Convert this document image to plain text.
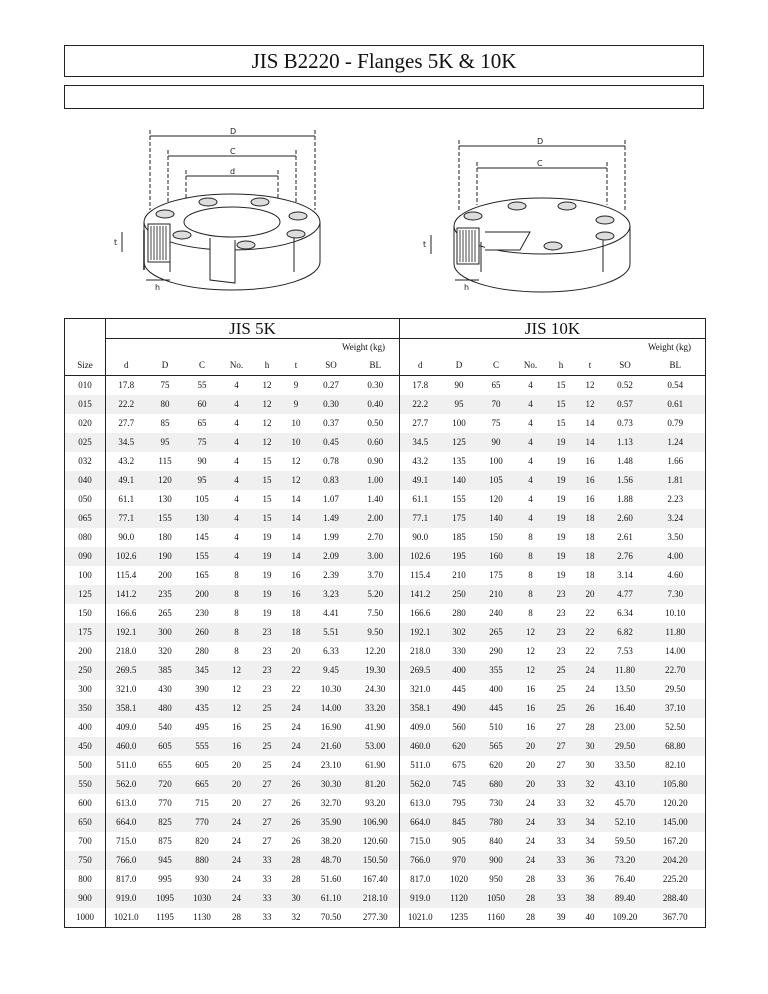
JIS B2220 - Flanges 5K & 10K
D
C
d
t
h
D
C
t
h
	JIS 5K								JIS 10K							
							Weight (kg)								Weight (kg)	
Size	d	D	C	No.	h	t	SO	BL	d	D	C	No.	h	t	SO	BL
010	17.8	75	55	4	12	9	0.27	0.30	17.8	90	65	4	15	12	0.52	0.54
015	22.2	80	60	4	12	9	0.30	0.40	22.2	95	70	4	15	12	0.57	0.61
020	27.7	85	65	4	12	10	0.37	0.50	27.7	100	75	4	15	14	0.73	0.79
025	34.5	95	75	4	12	10	0.45	0.60	34.5	125	90	4	19	14	1.13	1.24
032	43.2	115	90	4	15	12	0.78	0.90	43.2	135	100	4	19	16	1.48	1.66
040	49.1	120	95	4	15	12	0.83	1.00	49.1	140	105	4	19	16	1.56	1.81
050	61.1	130	105	4	15	14	1.07	1.40	61.1	155	120	4	19	16	1.88	2.23
065	77.1	155	130	4	15	14	1.49	2.00	77.1	175	140	4	19	18	2.60	3.24
080	90.0	180	145	4	19	14	1.99	2.70	90.0	185	150	8	19	18	2.61	3.50
090	102.6	190	155	4	19	14	2.09	3.00	102.6	195	160	8	19	18	2.76	4.00
100	115.4	200	165	8	19	16	2.39	3.70	115.4	210	175	8	19	18	3.14	4.60
125	141.2	235	200	8	19	16	3.23	5.20	141.2	250	210	8	23	20	4.77	7.30
150	166.6	265	230	8	19	18	4.41	7.50	166.6	280	240	8	23	22	6.34	10.10
175	192.1	300	260	8	23	18	5.51	9.50	192.1	302	265	12	23	22	6.82	11.80
200	218.0	320	280	8	23	20	6.33	12.20	218.0	330	290	12	23	22	7.53	14.00
250	269.5	385	345	12	23	22	9.45	19.30	269.5	400	355	12	25	24	11.80	22.70
300	321.0	430	390	12	23	22	10.30	24.30	321.0	445	400	16	25	24	13.50	29.50
350	358.1	480	435	12	25	24	14.00	33.20	358.1	490	445	16	25	26	16.40	37.10
400	409.0	540	495	16	25	24	16.90	41.90	409.0	560	510	16	27	28	23.00	52.50
450	460.0	605	555	16	25	24	21.60	53.00	460.0	620	565	20	27	30	29.50	68.80
500	511.0	655	605	20	25	24	23.10	61.90	511.0	675	620	20	27	30	33.50	82.10
550	562.0	720	665	20	27	26	30.30	81.20	562.0	745	680	20	33	32	43.10	105.80
600	613.0	770	715	20	27	26	32.70	93.20	613.0	795	730	24	33	32	45.70	120.20
650	664.0	825	770	24	27	26	35.90	106.90	664.0	845	780	24	33	34	52.10	145.00
700	715.0	875	820	24	27	26	38.20	120.60	715.0	905	840	24	33	34	59.50	167.20
750	766.0	945	880	24	33	28	48.70	150.50	766.0	970	900	24	33	36	73.20	204.20
800	817.0	995	930	24	33	28	51.60	167.40	817.0	1020	950	28	33	36	76.40	225.20
900	919.0	1095	1030	24	33	30	61.10	218.10	919.0	1120	1050	28	33	38	89.40	288.40
1000	1021.0	1195	1130	28	33	32	70.50	277.30	1021.0	1235	1160	28	39	40	109.20	367.70
